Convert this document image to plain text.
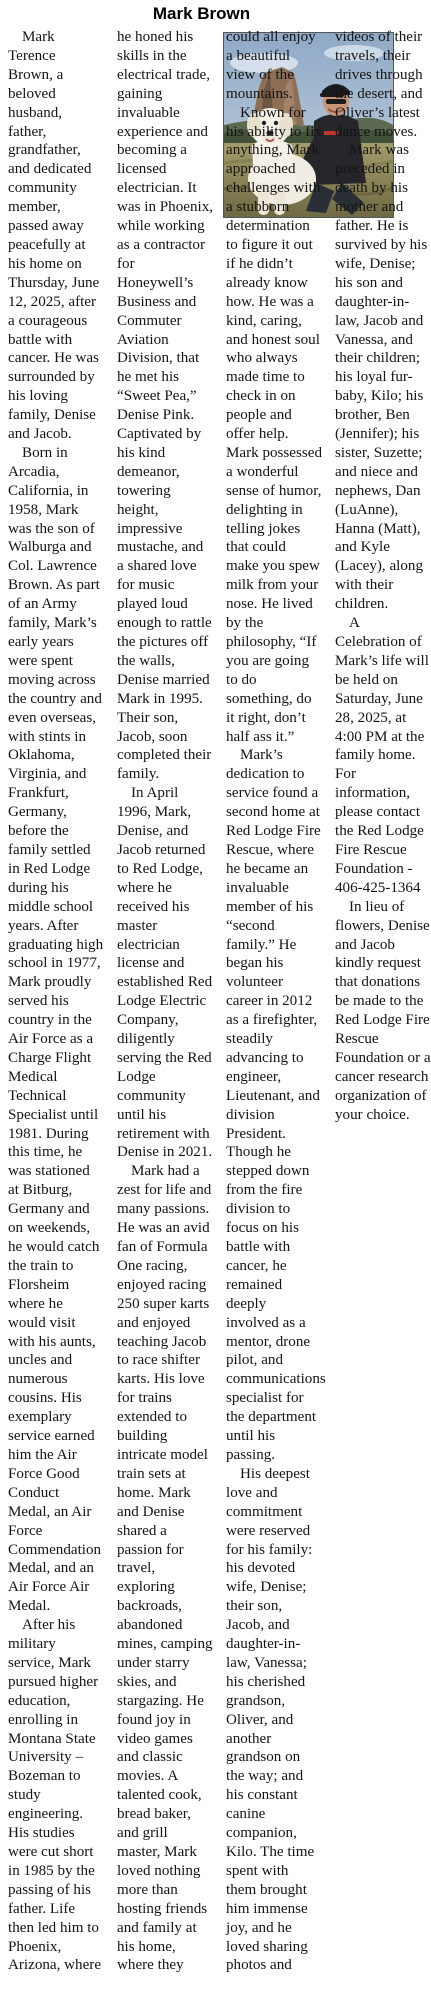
Mark Brown

Mark Terence Brown, a beloved husband, father, grandfather, and dedicated community member, passed away peacefully at his home on Thursday, June 12, 2025, after a courageous battle with cancer. He was surrounded by his loving family, Denise and Jacob.

Born in Arcadia, California, in 1958, Mark was the son of Walburga and Col. Lawrence Brown. As part of an Army family, Mark’s early years were spent moving across the country and even overseas, with stints in Oklahoma, Virginia, and Frankfurt, Germany, before the family settled in Red Lodge during his middle school years. After graduating high school in 1977, Mark proudly served his country in the Air Force as a Charge Flight Medical Technical Specialist until 1981. During this time, he was stationed at Bitburg, Germany and on weekends, he would catch the train to Florsheim where he would visit with his aunts, uncles and numerous cousins. His exemplary service earned him the Air Force Good Conduct Medal, an Air Force Commendation Medal, and an Air Force Air Medal.

After his military service, Mark pursued higher education, enrolling in Montana State University – Bozeman to study engineering. His studies were cut short in 1985 by the passing of his father. Life then led him to Phoenix, Arizona, where he honed his skills in the electrical trade, gaining invaluable experience and becoming a licensed electrician. It was in Phoenix, while working as a contractor for Honeywell’s Business and Commuter Aviation Division, that he met his “Sweet Pea,” Denise Pink. Captivated by his kind demeanor, towering height, impressive mustache, and a shared love for music played loud enough to rattle the pictures off the walls, Denise married Mark in 1995. Their son, Jacob, soon completed their family.

In April 1996, Mark, Denise, and Jacob returned to Red Lodge, where he received his master electrician license and established Red Lodge Electric Company, diligently serving the Red Lodge community until his retirement with Denise in 2021.

Mark had a zest for life and many passions. He was an avid fan of Formula One racing, enjoyed racing 250 super karts and enjoyed teaching Jacob to race shifter karts. His love for trains extended to building intricate model train sets at home. Mark and Denise shared a passion for travel, exploring backroads, abandoned mines, camping under starry skies, and stargazing. He found joy in video games and classic movies. A talented cook, bread baker, and grill master, Mark loved nothing more than hosting friends and family at his home, where they could all enjoy a beautiful view of the mountains.

Known for his ability to fix anything, Mark approached challenges with a stubborn determination to figure it out if he didn’t already know how. He was a kind, caring, and honest soul who always made time to check in on people and offer help. Mark possessed a wonderful sense of humor, delighting in telling jokes that could make you spew milk from your nose. He lived by the philosophy, “If you are going to do something, do it right, don’t half ass it.”

Mark’s dedication to service found a second home at Red Lodge Fire Rescue, where he became an invaluable member of his “second family.” He began his volunteer career in 2012 as a firefighter, steadily advancing to engineer, Lieutenant, and division President. Though he stepped down from the fire division to focus on his battle with cancer, he remained deeply involved as a mentor, drone pilot, and communications specialist for the department until his passing.

His deepest love and commitment were reserved for his family: his devoted wife, Denise; their son, Jacob, and daughter-in-law, Vanessa; his cherished grandson, Oliver, and another grandson on the way; and his constant canine companion, Kilo. The time spent with them brought him immense joy, and he loved sharing photos and videos of their travels, their drives through the desert, and Oliver’s latest dance moves.

Mark was preceded in death by his mother and father. He is survived by his wife, Denise; his son and daughter-in-law, Jacob and Vanessa, and their children; his loyal fur-baby, Kilo; his brother, Ben (Jennifer); his sister, Suzette; and niece and nephews, Dan (LuAnne), Hanna (Matt), and Kyle (Lacey), along with their children.

A Celebration of Mark’s life will be held on Saturday, June 28, 2025, at 4:00 PM at the family home. For information, please contact the Red Lodge Fire Rescue Foundation - 406-425-1364

In lieu of flowers, Denise and Jacob kindly request that donations be made to the Red Lodge Fire Rescue Foundation or a cancer research organization of your choice.
